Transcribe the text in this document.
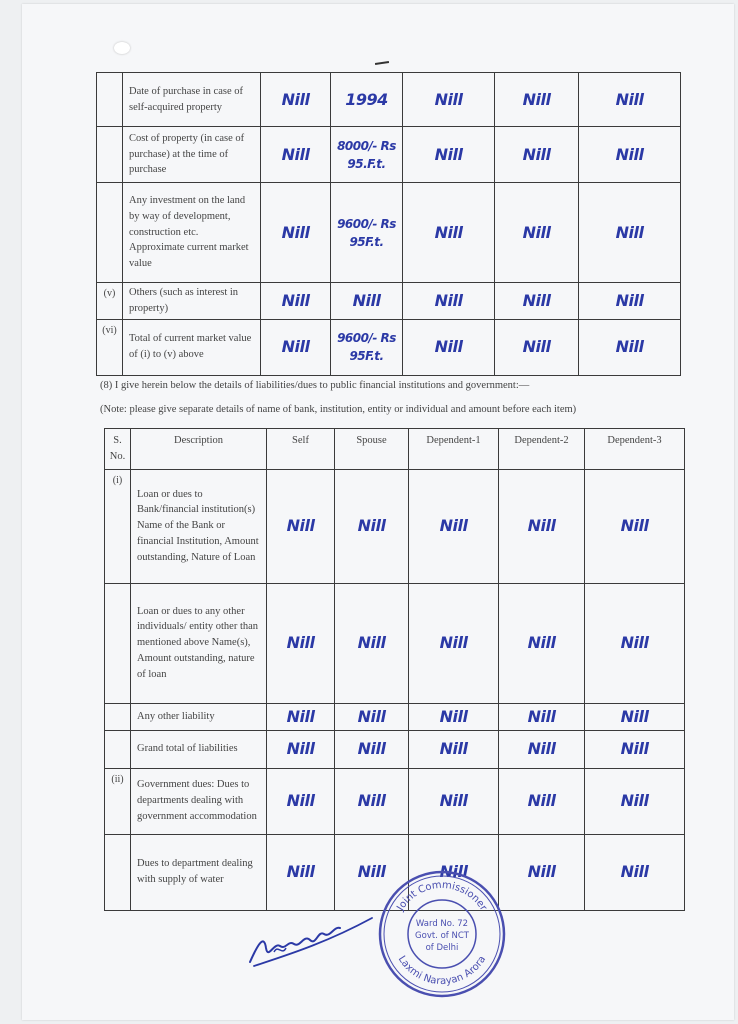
	Date of purchase in case of self-acquired property	Nill	1994	Nill	Nill	Nill
	Cost of property (in case of purchase) at the time of purchase	Nill	8000/- Rs 95.F.t.	Nill	Nill	Nill
	Any investment on the land by way of development, construction etc. Approximate current market value	Nill	9600/- Rs 95F.t.	Nill	Nill	Nill
(v)	Others (such as interest in property)	Nill	Nill	Nill	Nill	Nill
(vi)	Total of current market value of (i) to (v) above	Nill	9600/- Rs 95F.t.	Nill	Nill	Nill
(8) I give herein below the details of liabilities/dues to public financial institutions and government:—
(Note: please give separate details of name of bank, institution, entity or individual and amount before each item)
S. No.	Description	Self	Spouse	Dependent-1	Dependent-2	Dependent-3
(i)	Loan or dues to Bank/financial institution(s) Name of the Bank or financial Institution, Amount outstanding, Nature of Loan	Nill	Nill	Nill	Nill	Nill
	Loan or dues to any other individuals/ entity other than mentioned above Name(s), Amount outstanding, nature of loan	Nill	Nill	Nill	Nill	Nill
	Any other liability	Nill	Nill	Nill	Nill	Nill
	Grand total of liabilities	Nill	Nill	Nill	Nill	Nill
(ii)	Government dues: Dues to departments dealing with government accommodation	Nill	Nill	Nill	Nill	Nill
	Dues to department dealing with supply of water	Nill	Nill	Nill	Nill	Nill
Joint Commissioner
Laxmi Narayan Arora
Ward No. 72
Govt. of NCT
of Delhi
